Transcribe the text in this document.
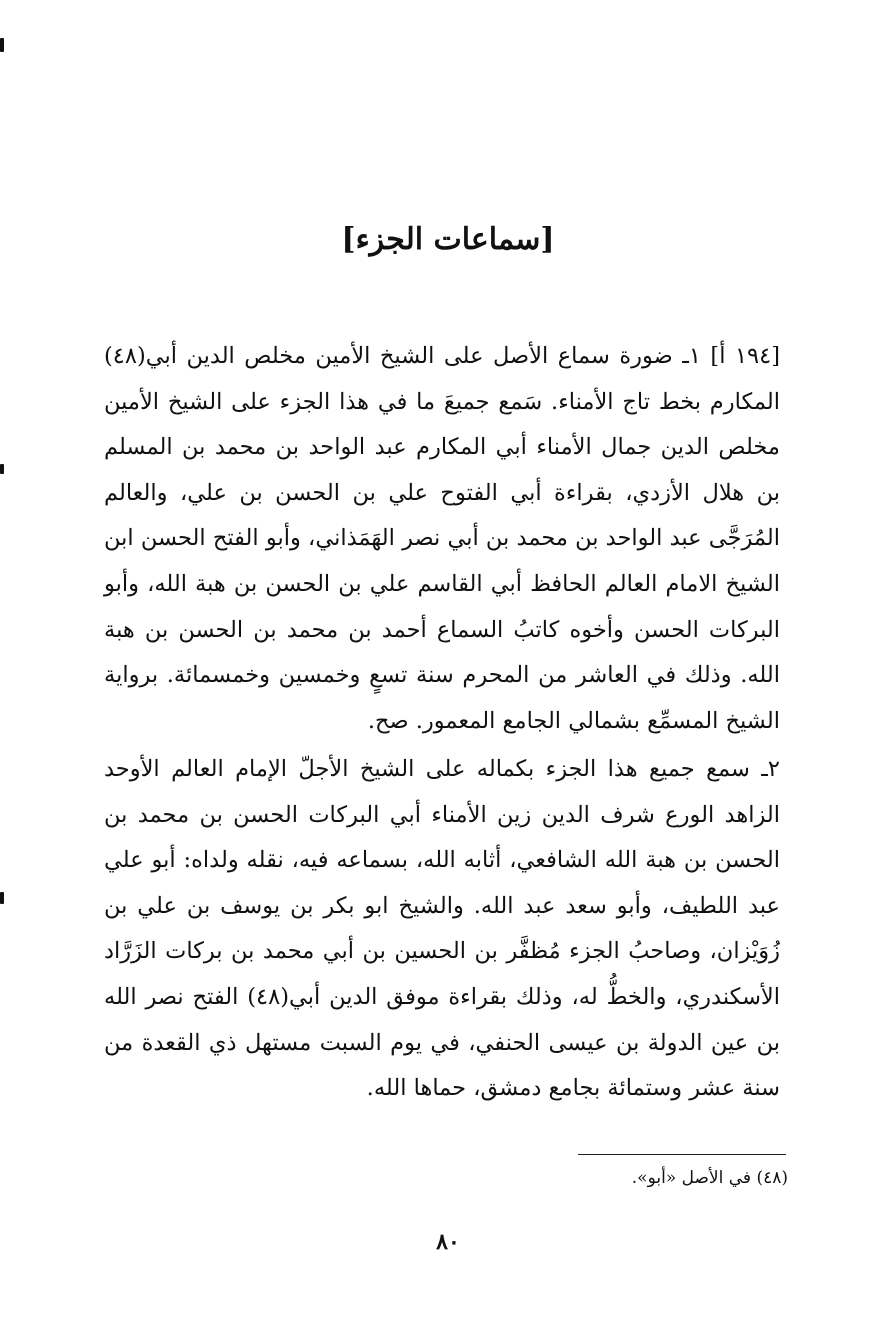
[سماعات الجزء]

[١٩٤ أ] ١ـ ضورة سماع الأصل على الشيخ الأمين مخلص الدين أبي(٤٨) المكارم بخط تاج الأمناء. سَمع جميعَ ما في هذا الجزء على الشيخ الأمين مخلص الدين جمال الأمناء أبي المكارم عبد الواحد بن محمد بن المسلم بن هلال الأزدي، بقراءة أبي الفتوح علي بن الحسن بن علي، والعالم المُرَجَّى عبد الواحد بن محمد بن أبي نصر الهَمَذاني، وأبو الفتح الحسن ابن الشيخ الامام العالم الحافظ أبي القاسم علي بن الحسن بن هبة الله، وأبو البركات الحسن وأخوه كاتبُ السماع أحمد بن محمد بن الحسن بن هبة الله. وذلك في العاشر من المحرم سنة تسعٍ وخمسين وخمسمائة. برواية الشيخ المسمِّع بشمالي الجامع المعمور. صح.

٢ـ سمع جميع هذا الجزء بكماله على الشيخ الأجلّ الإمام العالم الأوحد الزاهد الورع شرف الدين زين الأمناء أبي البركات الحسن بن محمد بن الحسن بن هبة الله الشافعي، أثابه الله، بسماعه فيه، نقله ولداه: أبو علي عبد اللطيف، وأبو سعد عبد الله. والشيخ ابو بكر بن يوسف بن علي بن زُوَيْزان، وصاحبُ الجزء مُظفَّر بن الحسين بن أبي محمد بن بركات الزَرَّاد الأسكندري، والخطُّ له، وذلك بقراءة موفق الدين أبي(٤٨) الفتح نصر الله بن عين الدولة بن عيسى الحنفي، في يوم السبت مستهل ذي القعدة من سنة عشر وستمائة بجامع دمشق، حماها الله.

(٤٨) في الأصل «أبو».

٨٠
